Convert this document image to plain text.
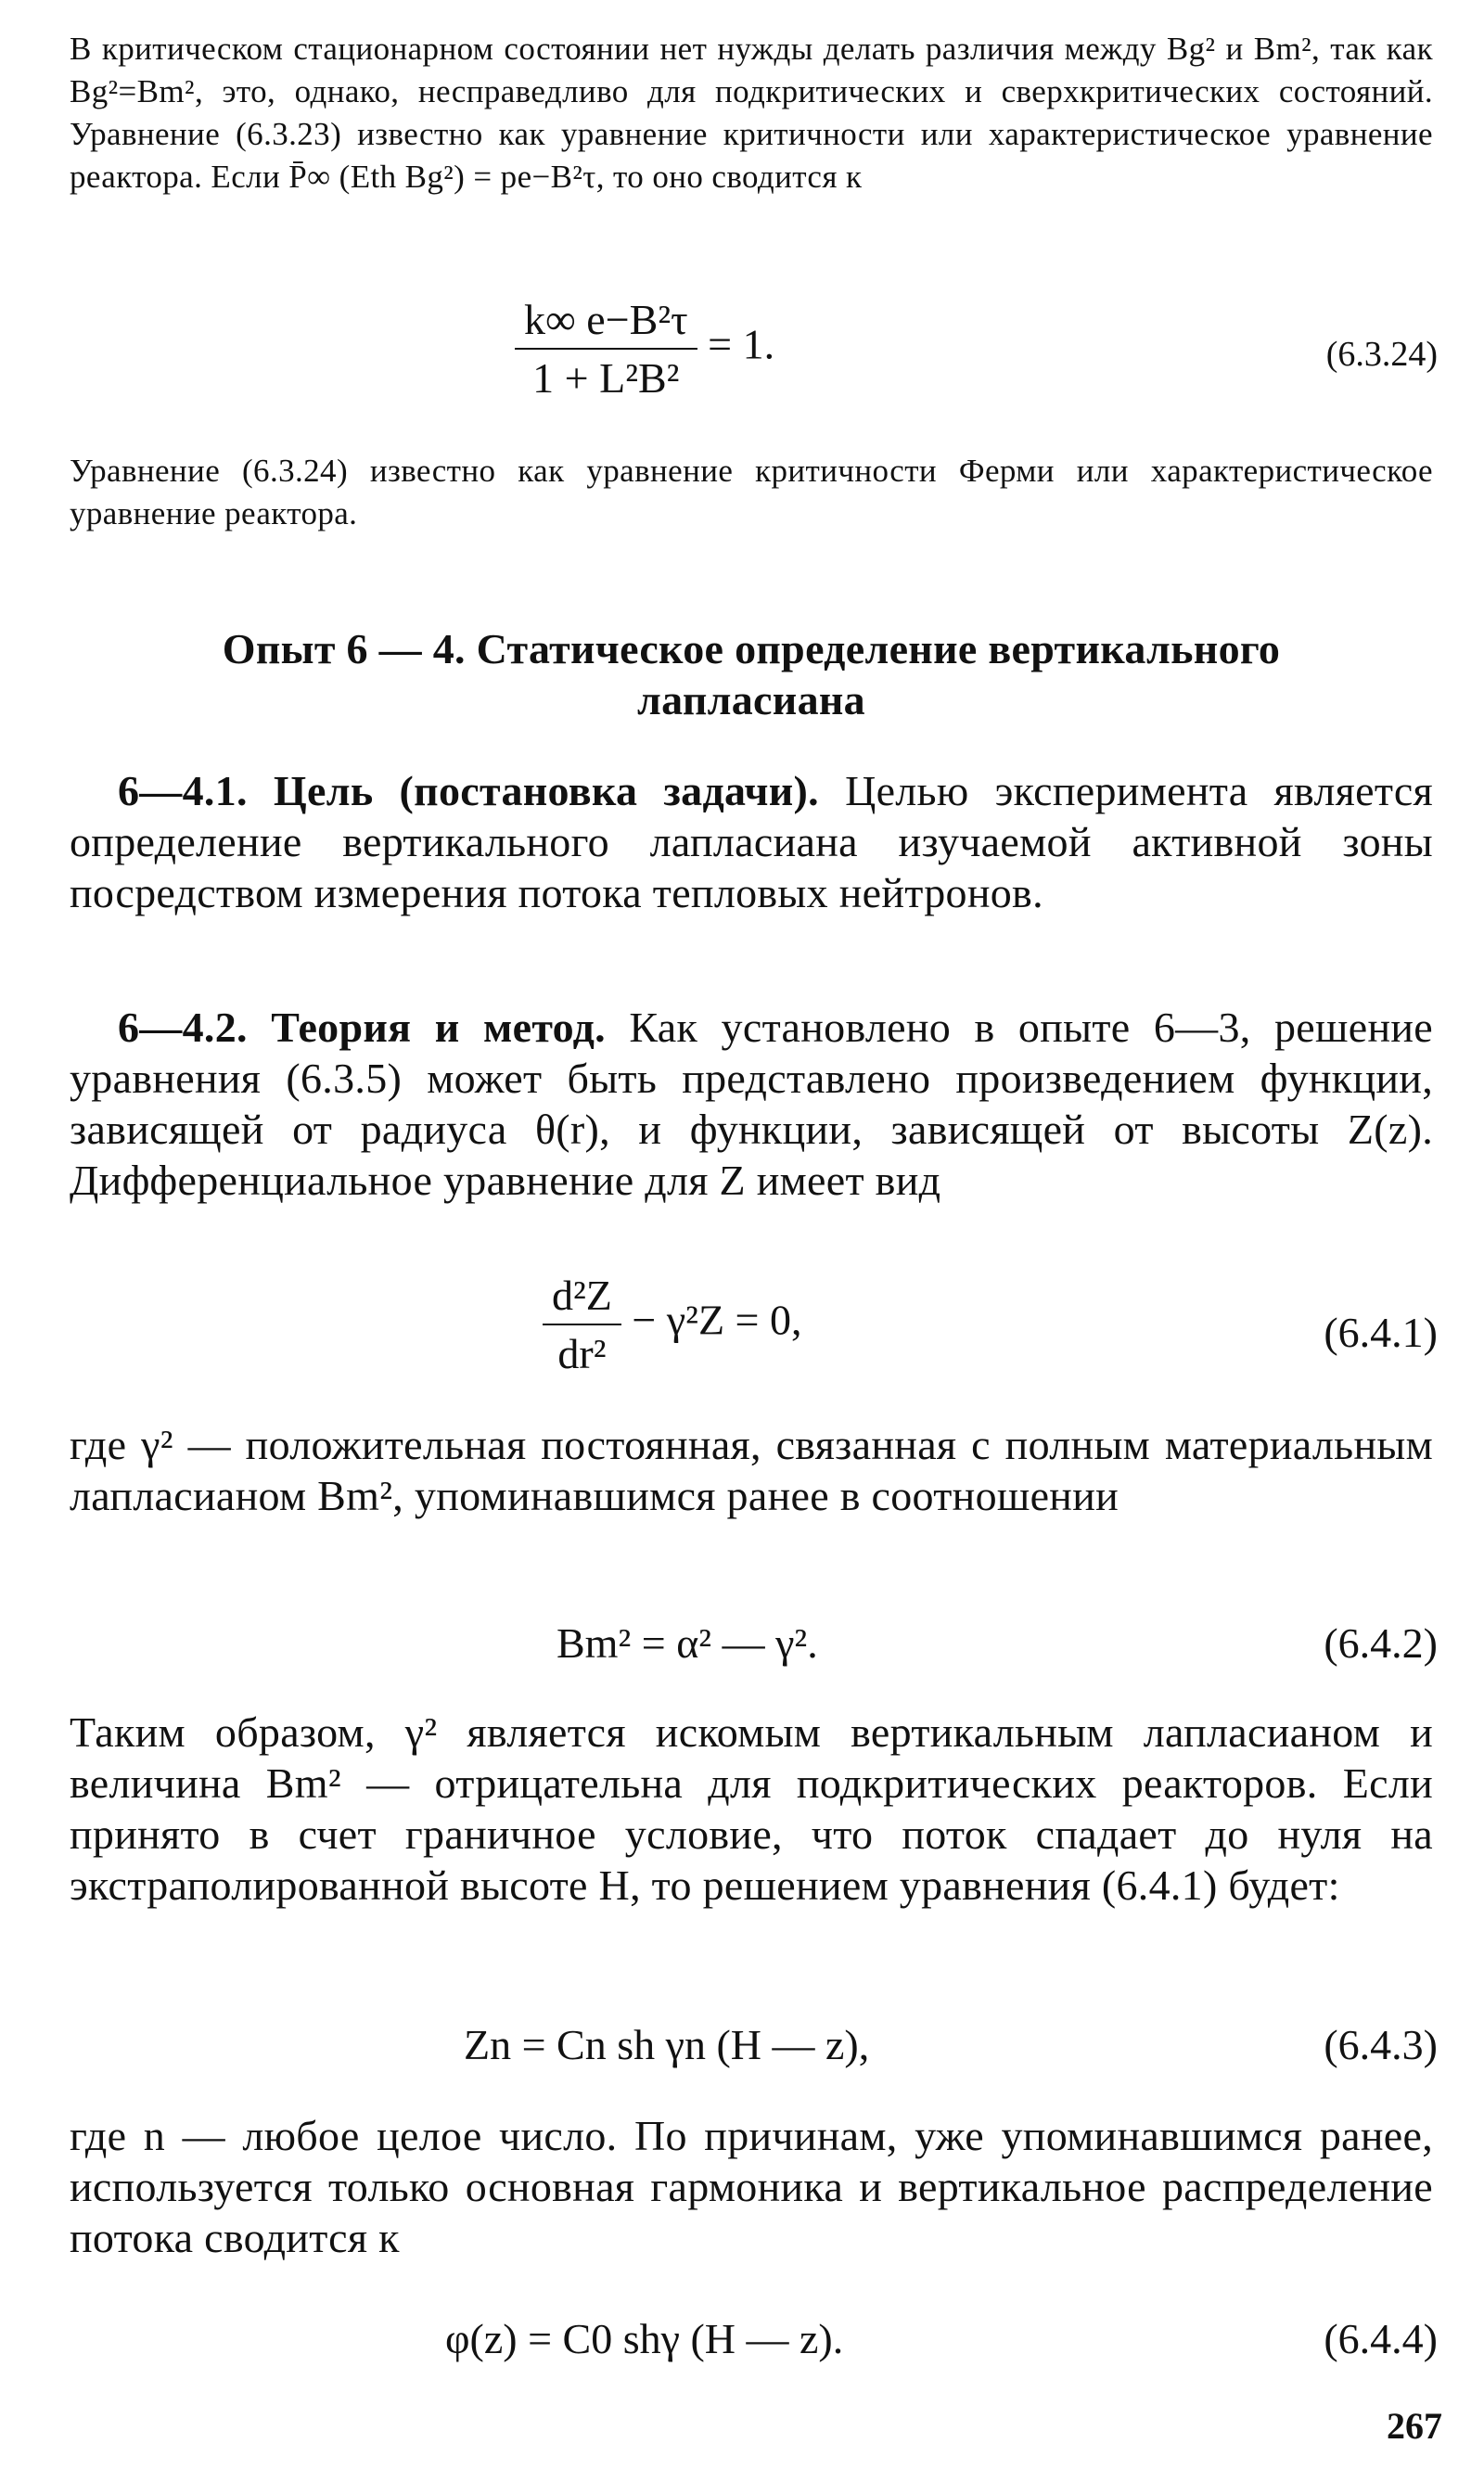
В критическом стационарном состоянии нет нужды делать различия между Bg² и Bm², так как Bg²=Bm², это, однако, несправедливо для подкритических и сверхкритических состояний. Уравнение (6.3.23) известно как уравнение критичности или характеристическое уравнение реактора. Если P̄∞ (Eth Bg²) = pe−B²τ, то оно сводится к

$\frac{\text{k∞ e−B²τ}}{\text{1 + L²B²}} = 1$.	(6.3.24)

Уравнение (6.3.24) известно как уравнение критичности Ферми или характеристическое уравнение реактора.

Опыт 6 — 4. Статическое определение вертикального
лапласиана

6—4.1. Цель (постановка задачи). Целью эксперимента является определение вертикального лапласиана изучаемой активной зоны посредством измерения потока тепловых нейтронов.

6—4.2. Теория и метод. Как установлено в опыте 6—3, решение уравнения (6.3.5) может быть представлено произведением функции, зависящей от радиуса θ(r), и функции, зависящей от высоты Z(z). Дифференциальное уравнение для Z имеет вид

$\frac{\text{d²Z}}{\text{dr²}} - \gamma^2Z = 0$,	(6.4.1)

где γ² — положительная постоянная, связанная с полным материальным лапласианом Bm², упоминавшимся ранее в соотношении

Bm² = α² — γ².	(6.4.2)

Таким образом, γ² является искомым вертикальным лапласианом и величина Bm² — отрицательна для подкритических реакторов. Если принято в счет граничное условие, что поток спадает до нуля на экстраполированной высоте H, то решением уравнения (6.4.1) будет:

Zn = Cn sh γn (H — z),	(6.4.3)

где n — любое целое число. По причинам, уже упоминавшимся ранее, используется только основная гармоника и вертикальное распределение потока сводится к

φ(z) = C0 shγ (H — z).	(6.4.4)
267
